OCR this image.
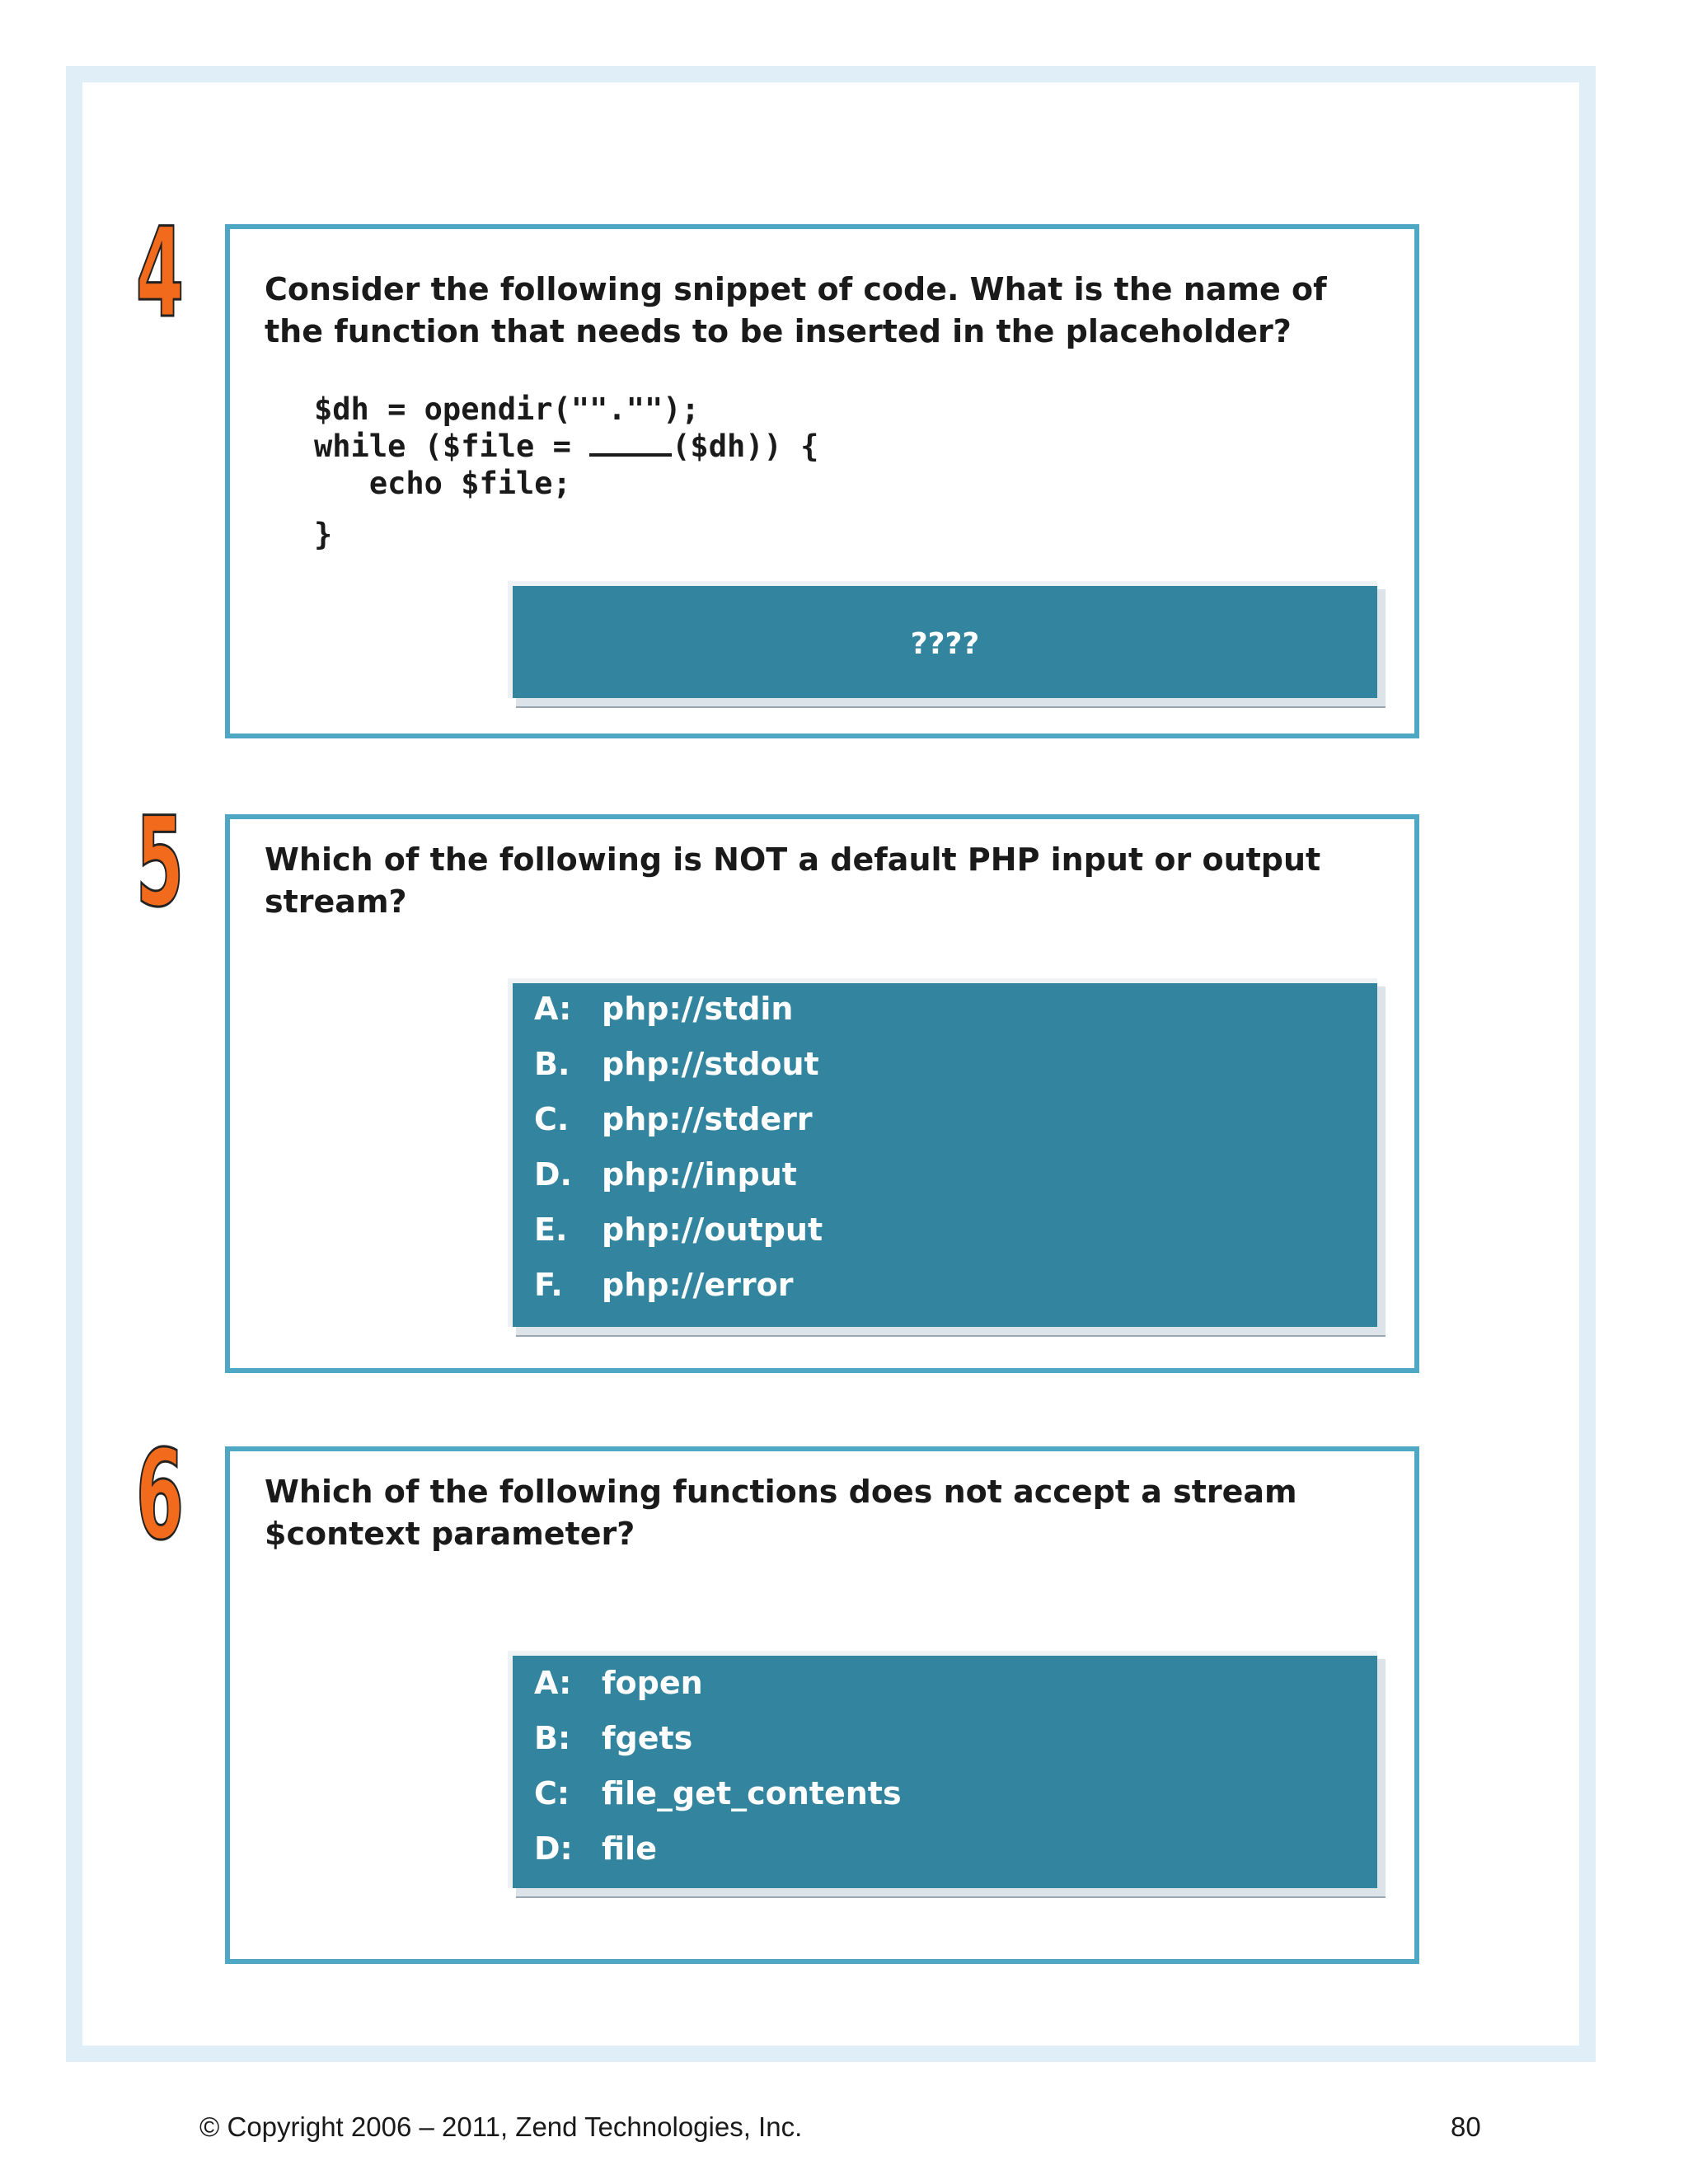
4	Consider the following snippet of code. What is the name of the function that needs to be inserted in the placeholder?
$dh = opendir(""."");
while ($file =	($dh)) {
echo $file;
}
????
5	Which of the following is NOT a default PHP input or output stream?
A: php://stdin
B. php://stdout
C. php://stderr
D. php://input
E. php://output
F. php://error
6	Which of the following functions does not accept a stream $context parameter?
A: fopen
B: fgets
C: file_get_contents
D: file
© Copyright 2006 – 2011, Zend Technologies, Inc.	80
